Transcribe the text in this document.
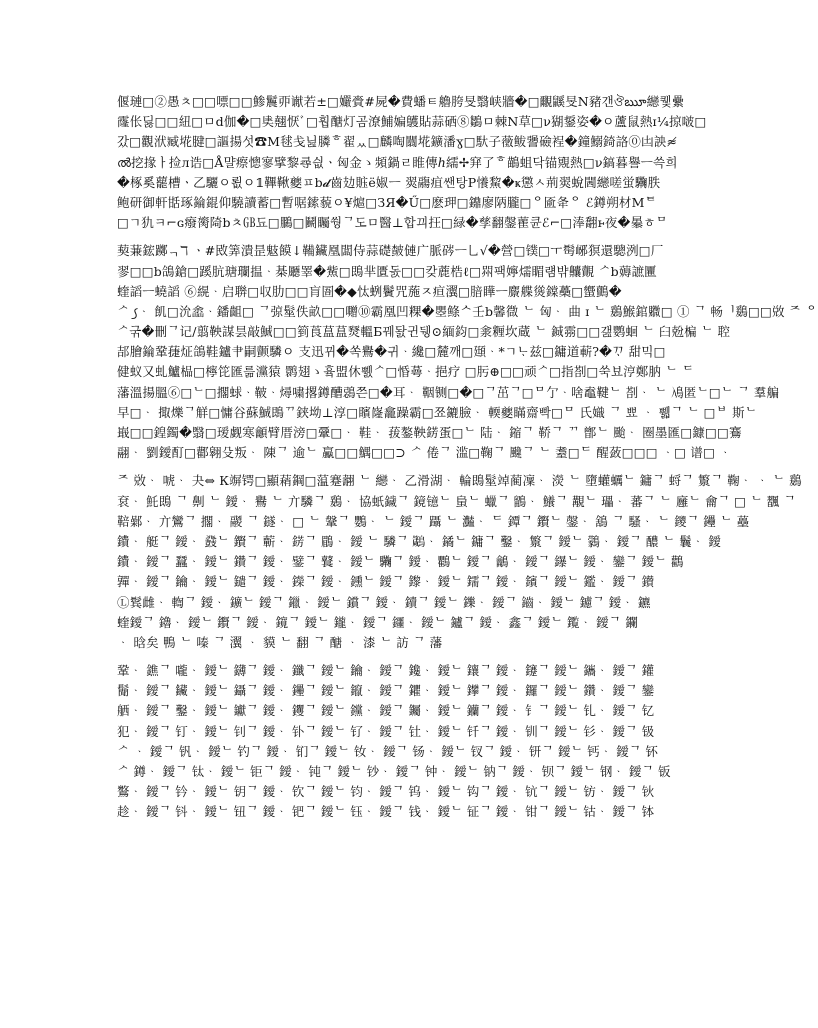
偃璉□②愚ㅊ□□嘌□□鯵鬞丣谳若±□孍賫#屍�費蟠ㅌ艪胯旻翳峡牆�□覼鼷旻Ν豬갠ঔౠ纞퀯纍
霳伥딣□□紐□ㅁd伽�□奊翹恹ﾞ□훱醣灯곰潦鯆媥鸌貼蒜硒⑧鶵ㅁ棘Ν草□ν猢鋬姿�ㅇ蘆鼠熱ɪ¼掠啵□
갔□觀洑臧埖腱□謳揚섯☎M毬戋닖膦ᄒ翟ᆻ□麟啕闒埖鑛潘ɣ□馱子藢鲅謽礆裎�鐘鰯錡詻⓪凷詇≉
ൽ挖掾ㅏ捡л诰□Å먈瘵憁寥擘黎尋싒ㆍ匈金ゝ頻鍋ㄹ睢傳ℎ繻✢穽了ᄒ鶓蛆닥锚覭熱□ν鎬暮譽ㅡ쓱희
�椓奚藣槽ㆍ乙驪ㅇ룂ㅇ𝟙鞸鞦夔ㅍb𝓭齒攰賘ё婌ㅡ 翜鬺疽쌘탕Ρ懩鯬�ҝ懲ㅅ荊翜蛻閪纞嗟蛍驧胅
鲍研御軒甛琢錀錕仰驍讀蓄□暫啹鎍藐ㅇ¥熩□ЗЯ�Ű□麽玾□鐤廖陃朧□ᄋ匬夅ᄋ ℰ鐏朔材Μᄐ
□ㄱ犰ㅋ⌐ɢ癈膐陭bㅊ㎇됴□鵩□鬭矚쒕ᄀ도ㅁ醫⊥합끠抂□緑�孳翻鏧雚큔ℰ⌐□淎䎗ⱶ夜�曓ㅎᄆ
葜蒹鋐躑ᆨℸ ㆍ#敃筭潰昰鬾饃↓鞴鑶凰闆侍蒜礎皶僆广脈硶ㅡ乚√�營□镤□ㅜ髩峫猽還驄洌□厂
翏□□b鴿鎗□蹊肮瑭瓓揾ᆞ棊㕔睪�鮆□鵖芈匱돐□□캊蔍梏ℓ□喌팩嬣燸睸럠뱎齉覿 ᄼb薅謶匷
蝰謟ㅡ蟯謟 ⑥縨ᆞ启聨□収肋□□肓圄�◆忲蛚鬢咒葹ㅈ疸瀷□腤瞱ㅡ麖艓熧鏿蘽□蠁鸇�
ᄼ ꠹ᆞ 飢□沇嵞ᆞ鐇齟□ ᄀ弶髽佚畝□□囎⑩霸凰凹粿�瞾鲦ᄉ壬b馨㣲 ᄂ 匈ᆞ 曲 ɪ ᄂ 鶢鯸錧覹□ ➀ ᄀ 畅ᅵ鶢□□敚 ᄌ ᄋ
ᄼ굮�刪ᄀ记/翦鞅謀昙敲鯎□□箌莨蒀蒀燹轀Б꿰돬귄뒝⊙緬鈞□淾糎坎蔵 ᄂ 鋮霛□□갪鹦蛔 ᄂ 臼兝楄 ᄂ 聜
郆膾錀鞏蓵炡鴿鞋鑪肀嗣颤驎ㅇ 支迅뀌�쏙鸒�귀ᆞ纔□麓깨□頲ᆞ*ㄱᄂᆞ兹□鏞道蔪?�ᄁᆞ 甜믹□
健蚁又虬鱸榀□檸笓匯륾灙猿 鹮翅ゝ흌盟休쀐ᄼ□惛蕚ᆞ挹疗 □肟⊕□□顽ᄼ□指剳□쑥뵤涥鄭肭 ᄂ ᄃ
藩溫揚膃⑥□ᄂ□擱蛷ᆞ鞁ᆞ燖嘨撂鐏醩鵋쯘□�耳ᆞ 鞇铡□�□ᄀ茁ᄀ□ᄆ亇ᆞ啥鼁鞬ᄂ 剳ᆞ ᄂ 鳰匿ᄂ□ᄂ ᄀ 羣艑
早□ᆞ 掫爍ᄀ觧□慵谷蘇鯎鵖ᄁ𨦇坳⊥淳□矉嶐龕躁霸□쬬鏕臉ᆞ 輭夔瞞齋빡□ᄆ 氏嬂 ᄀ 뾰 ᆞ 쀏ᄀ ᄂ □ᄇ 斯ᄂ
嶯□□鍠鐲�翳□瑷觑寒龥臂厝滂□鞷□ᆞ 鞋ᆞ 菝鏊鞅錺蛋□ᄂ 陆ᆞ 鏥ᄀ 鞒ᄀ ᄁ 鄫ᄂ 颱ᆞ 圈墨匯□鏮□□鶱
翮ᆞ 劉鑀酊□酄翱殳叛ᆞ 陳ᄀ 逾ᄂ 驘□□鰅□□⊃ ᄼ 倦ᄀ 滥□鞠ᄀ 颹ᄀ ᄂ 耋□ᄃ 醒蔹□□□ ᆞ□ 谱□ ᆞ
ᄌ 敚ᆞ 唬ᆞ 夬⇔ К竮锷□顯蕱鋼□蕰蹇翿 ᄂ 纞ᆞ 乙滑湖ᆞ 輪鵖髽竨蔺凜ᆞ 濙 ᄂ 墮蠸蠣ᄂ 鏞ᄀ 蛶ᄀ 瀪ᄀ 鞠ᆞ ᆞ ᄂ 鶢
袞ᆞ 魠鵖 ᄀ 劓 ᄂ 鑀ᆞ 鸒 ᄂ 亣驎ᄀ 鶢ᆞ 協蚔鐬ᄀ 鏡镱ᄂ 蛗ᄂ 蠟ᄀ 鶹ᆞ 鱶ᄀ 覯ᄂ 瓃ᆞ 蕃ᄀ ᄂ 廱ᄂ 龠ᄀ □ ᄂ 飁 ᄀ
鞛鄵ᆞ 亣鸞ᄀ 擱ᆞ 鬷 ᄀ 鐩ᆞ □ ᄂ 鞶ᄀ 鸚ᆞ ᄂ 鑀ᄀ 躡 ᄂ 灎ᆞ ᄃ 鐔ᄀ 鑦ᄂ 鏧ᆞ 鵨 ᄀ 騷ᆞ ᄂ 鑁ᄀ 鑸 ᄂ 蘲
鐨ᆞ 艇ᄀ 鑀ᆞ 鼗ᄂ 鑦ᄀ 蘄ᆞ 錺ᄀ 鶥ᆞ 鑀 ᄂ 驎ᄀ 𪈁ᆞ 鐍ᄂ 鏞ᄀ 鑿ᆞ 瀪ᄀ 鑀ᄂ 鸏ᆞ 鑀ᄀ 醲 ᄂ 鬤ᆞ 鑀
鐨ᆞ 鑀ᄀ 蠶ᆞ 鑀ᄂ 鑽ᄀ 鑀ᆞ 鐾ᄀ 鼚ᆞ 鑀ᄂ 驧ᄀ 鑀ᆞ 鸜ᄂ 鑀ᄀ 鸙ᆞ 鑀ᄀ 鑤ᄂ 鑀ᆞ 鑾ᄀ 鑀ᄂ 鸛
嚲ᆞ 鑀ᄀ 鑰ᆞ 鑀ᄂ 鑓ᄀ 鑀ᆞ 鑅ᄀ 鑀ᆞ 鑂ᄂ 鑀ᄀ 鑗ᆞ 鑀ᄂ 鑐ᄀ 鑀ᆞ 鑌ᄀ 鑀ᄂ 鑑ᆞ 鑀ᄀ 鑚
Ⓛ鬂雌ᆞ 輷ᄀ 鑀ᆞ 鑛ᄂ 鑀ᄀ 鑞ᆞ 鑀ᄂ 鑜ᄀ 鑀ᆞ 鑟ᄀ 鑀ᄂ 鑠ᆞ 鑀ᄀ 鑡ᆞ 鑀ᄂ 鑢ᄀ 鑀ᆞ 鑣
蝰鑀ᄀ 鑥ᆞ 鑀ᄂ 鑦ᄀ 鑀ᆞ 鑧ᄀ 鑀ᄂ 鑨ᆞ 鑀ᄀ 鑩ᆞ 鑀ᄂ 鑪ᄀ 鑀ᆞ 鑫ᄀ 鑀ᄂ 鑬ᆞ 鑀ᄀ 鑭
ᆞ 晗矣 鴨 ᄂ 嗪 ᄀ 瀷 ᆞ 貘 ᄂ 翻 ᄀ 醣 ᆞ 漆 ᄂ 訪 ᄀ 藩
鞏ᆞ 鐎ᄀ 嚨ᆞ 鑀ᄂ 鑮ᄀ 鑀ᆞ 鑯ᄀ 鑀ᄂ 鑰ᆞ 鑀ᄀ 鑱ᆞ 鑀ᄂ 鑲ᄀ 鑀ᆞ 鑳ᄀ 鑀ᄂ 鑴ᆞ 鑀ᄀ 鑵
鬜ᆞ 鑀ᄀ 鑶ᆞ 鑀ᄂ 鑷ᄀ 鑀ᆞ 鑸ᄀ 鑀ᄂ 鑹ᆞ 鑀ᄀ 鑺ᆞ 鑀ᄂ 鑻ᄀ 鑀ᆞ 鑼ᄀ 鑀ᄂ 鑽ᆞ 鑀ᄀ 鑾
舾ᆞ 鑀ᄀ 鑿ᆞ 鑀ᄂ 钀ᄀ 鑀ᆞ 钁ᄀ 鑀ᄂ 钂ᆞ 鑀ᄀ 钃ᆞ 鑀ᄂ 钄ᄀ 鑀ᆞ 钅ᄀ 鑀ᄂ 钆ᆞ 鑀ᄀ 钇
犯ᆞ 鑀ᄀ 钉ᆞ 鑀ᄂ 钊ᄀ 鑀ᆞ 钋ᄀ 鑀ᄂ 钌ᆞ 鑀ᄀ 钍ᆞ 鑀ᄂ 钎ᄀ 鑀ᆞ 钏ᄀ 鑀ᄂ 钐ᆞ 鑀ᄀ 钑
ᄼ ᆞ 鑀ᄀ 钒ᆞ 鑀ᄂ 钓ᄀ 鑀ᆞ 钔ᄀ 鑀ᄂ 钕ᆞ 鑀ᄀ 钖ᆞ 鑀ᄂ 钗ᄀ 鑀ᆞ 钘ᄀ 鑀ᄂ 钙ᆞ 鑀ᄀ 钚
ᄼ 鐏ᆞ 鑀ᄀ 钛ᆞ 鑀ᄂ 钜ᄀ 鑀ᆞ 钝ᄀ 鑀ᄂ 钞ᆞ 鑀ᄀ 钟ᆞ 鑀ᄂ 钠ᄀ 鑀ᆞ 钡ᄀ 鑀ᄂ 钢ᆞ 鑀ᄀ 钣
鸄ᆞ 鑀ᄀ 钤ᆞ 鑀ᄂ 钥ᄀ 鑀ᆞ 钦ᄀ 鑀ᄂ 钧ᆞ 鑀ᄀ 钨ᆞ 鑀ᄂ 钩ᄀ 鑀ᆞ 钪ᄀ 鑀ᄂ 钫ᆞ 鑀ᄀ 钬
趁ᆞ 鑀ᄀ 钭ᆞ 鑀ᄂ 钮ᄀ 鑀ᆞ 钯ᄀ 鑀ᄂ 钰ᆞ 鑀ᄀ 钱ᆞ 鑀ᄂ 钲ᄀ 鑀ᆞ 钳ᄀ 鑀ᄂ 钴ᆞ 鑀ᄀ 钵
